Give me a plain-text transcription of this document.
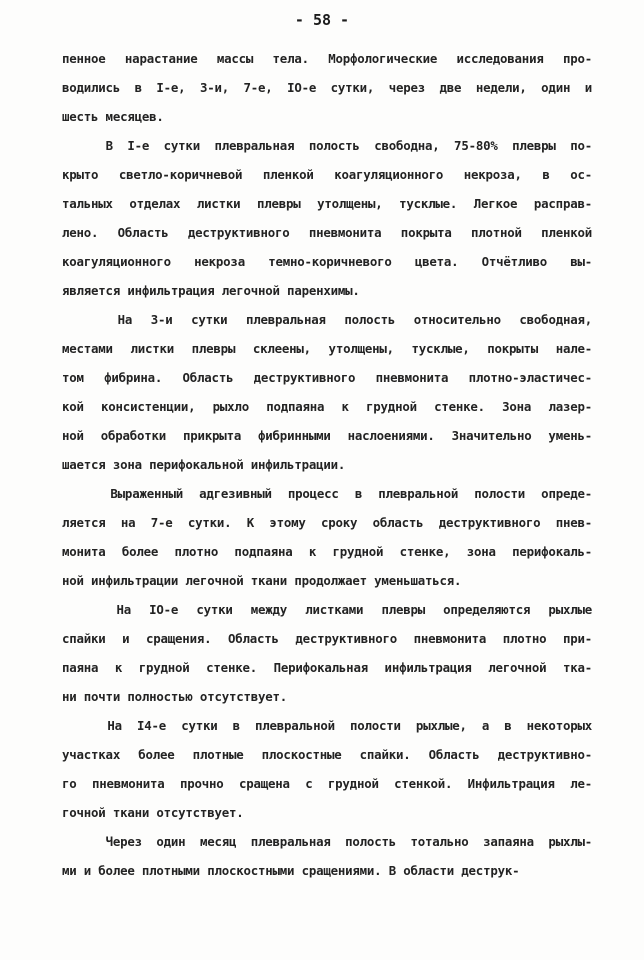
- 58 -
пенное нарастание массы тела. Морфологические исследования про-
водились в I-е, 3-и, 7-е, IO-е сутки, через две недели, один и
шесть месяцев.
В I-е сутки плевральная полость свободна, 75-80% плевры по-
крыто светло-коричневой пленкой коагуляционного некроза, в ос-
тальных отделах листки плевры утолщены, тусклые. Легкое расправ-
лено. Область деструктивного пневмонита покрыта плотной пленкой
коагуляционного некроза темно-коричневого цвета. Отчётливо вы-
является инфильтрация легочной паренхимы.
На 3-и сутки плевральная полость относительно свободная,
местами листки плевры склеены, утолщены, тусклые, покрыты нале-
том фибрина. Область деструктивного пневмонита плотно-эластичес-
кой консистенции, рыхло подпаяна к грудной стенке. Зона лазер-
ной обработки прикрыта фибринными наслоениями. Значительно умень-
шается зона перифокальной инфильтрации.
Выраженный адгезивный процесс в плевральной полости опреде-
ляется на 7-е сутки. К этому сроку область деструктивного пнев-
монита более плотно подпаяна к грудной стенке, зона перифокаль-
ной инфильтрации легочной ткани продолжает уменьшаться.
На IO-е сутки между листками плевры определяются рыхлые
спайки и сращения. Область деструктивного пневмонита плотно при-
паяна к грудной стенке. Перифокальная инфильтрация легочной тка-
ни почти полностью отсутствует.
На I4-е сутки в плевральной полости рыхлые, а в некоторых
участках более плотные плоскостные спайки. Область деструктивно-
го пневмонита прочно сращена с грудной стенкой. Инфильтрация ле-
гочной ткани отсутствует.
Через один месяц плевральная полость тотально запаяна рыхлы-
ми и более плотными плоскостными сращениями. В области деструк-
